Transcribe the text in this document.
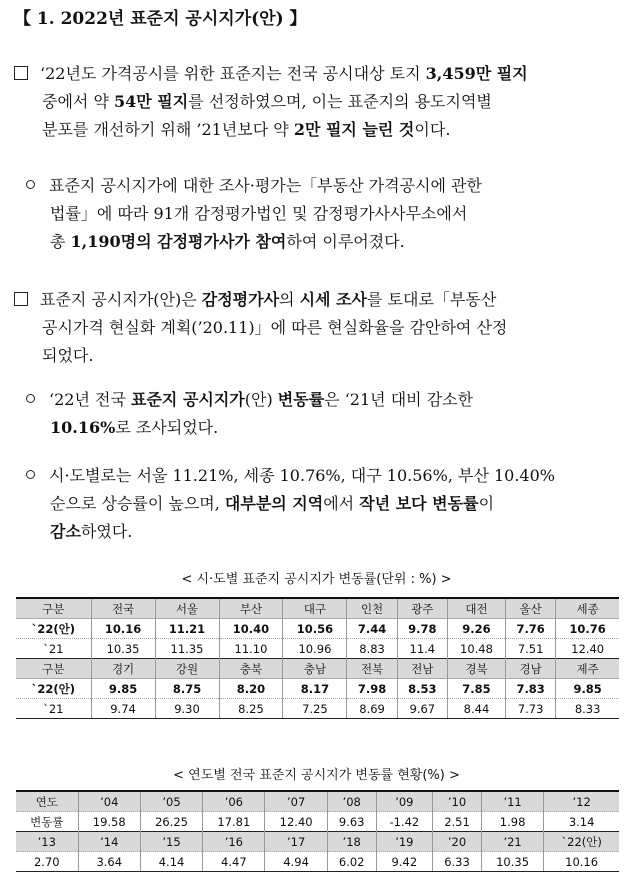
【 1. 2022년 표준지 공시지가(안) 】
‘22년도 가격공시를 위한 표준지는 전국 공시대상 토지 3,459만 필지
중에서 약 54만 필지를 선정하였으며, 이는 표준지의 용도지역별
분포를 개선하기 위해 ’21년보다 약 2만 필지 늘린 것이다.
표준지 공시지가에 대한 조사·평가는「부동산 가격공시에 관한
법률」에 따라 91개 감정평가법인 및 감정평가사사무소에서
총 1,190명의 감정평가사가 참여하여 이루어졌다.
표준지 공시지가(안)은 감정평가사의 시세 조사를 토대로「부동산
공시가격 현실화 계획(’20.11)」에 따른 현실화율을 감안하여 산정
되었다.
‘22년 전국 표준지 공시지가(안) 변동률은 ‘21년 대비 감소한
10.16%로 조사되었다.
시·도별로는 서울 11.21%, 세종 10.76%, 대구 10.56%, 부산 10.40%
순으로 상승률이 높으며, 대부분의 지역에서 작년 보다 변동률이
감소하였다.
< 시·도별 표준지 공시지가 변동률(단위 : %) >
구분	전국	서울	부산	대구	인천	광주	대전	울산	세종
`22(안)	10.16	11.21	10.40	10.56	7.44	9.78	9.26	7.76	10.76
`21	10.35	11.35	11.10	10.96	8.83	11.4	10.48	7.51	12.40
구분	경기	강원	충북	충남	전북	전남	경북	경남	제주
`22(안)	9.85	8.75	8.20	8.17	7.98	8.53	7.85	7.83	9.85
`21	9.74	9.30	8.25	7.25	8.69	9.67	8.44	7.73	8.33
< 연도별 전국 표준지 공시지가 변동률 현황(%) >
연도	’04	’05	’06	’07	’08	’09	’10	’11	’12
변동률	19.58	26.25	17.81	12.40	9.63	-1.42	2.51	1.98	3.14
’13	’14	’15	’16	’17	’18	’19	’20	’21	`22(안)
2.70	3.64	4.14	4.47	4.94	6.02	9.42	6.33	10.35	10.16
